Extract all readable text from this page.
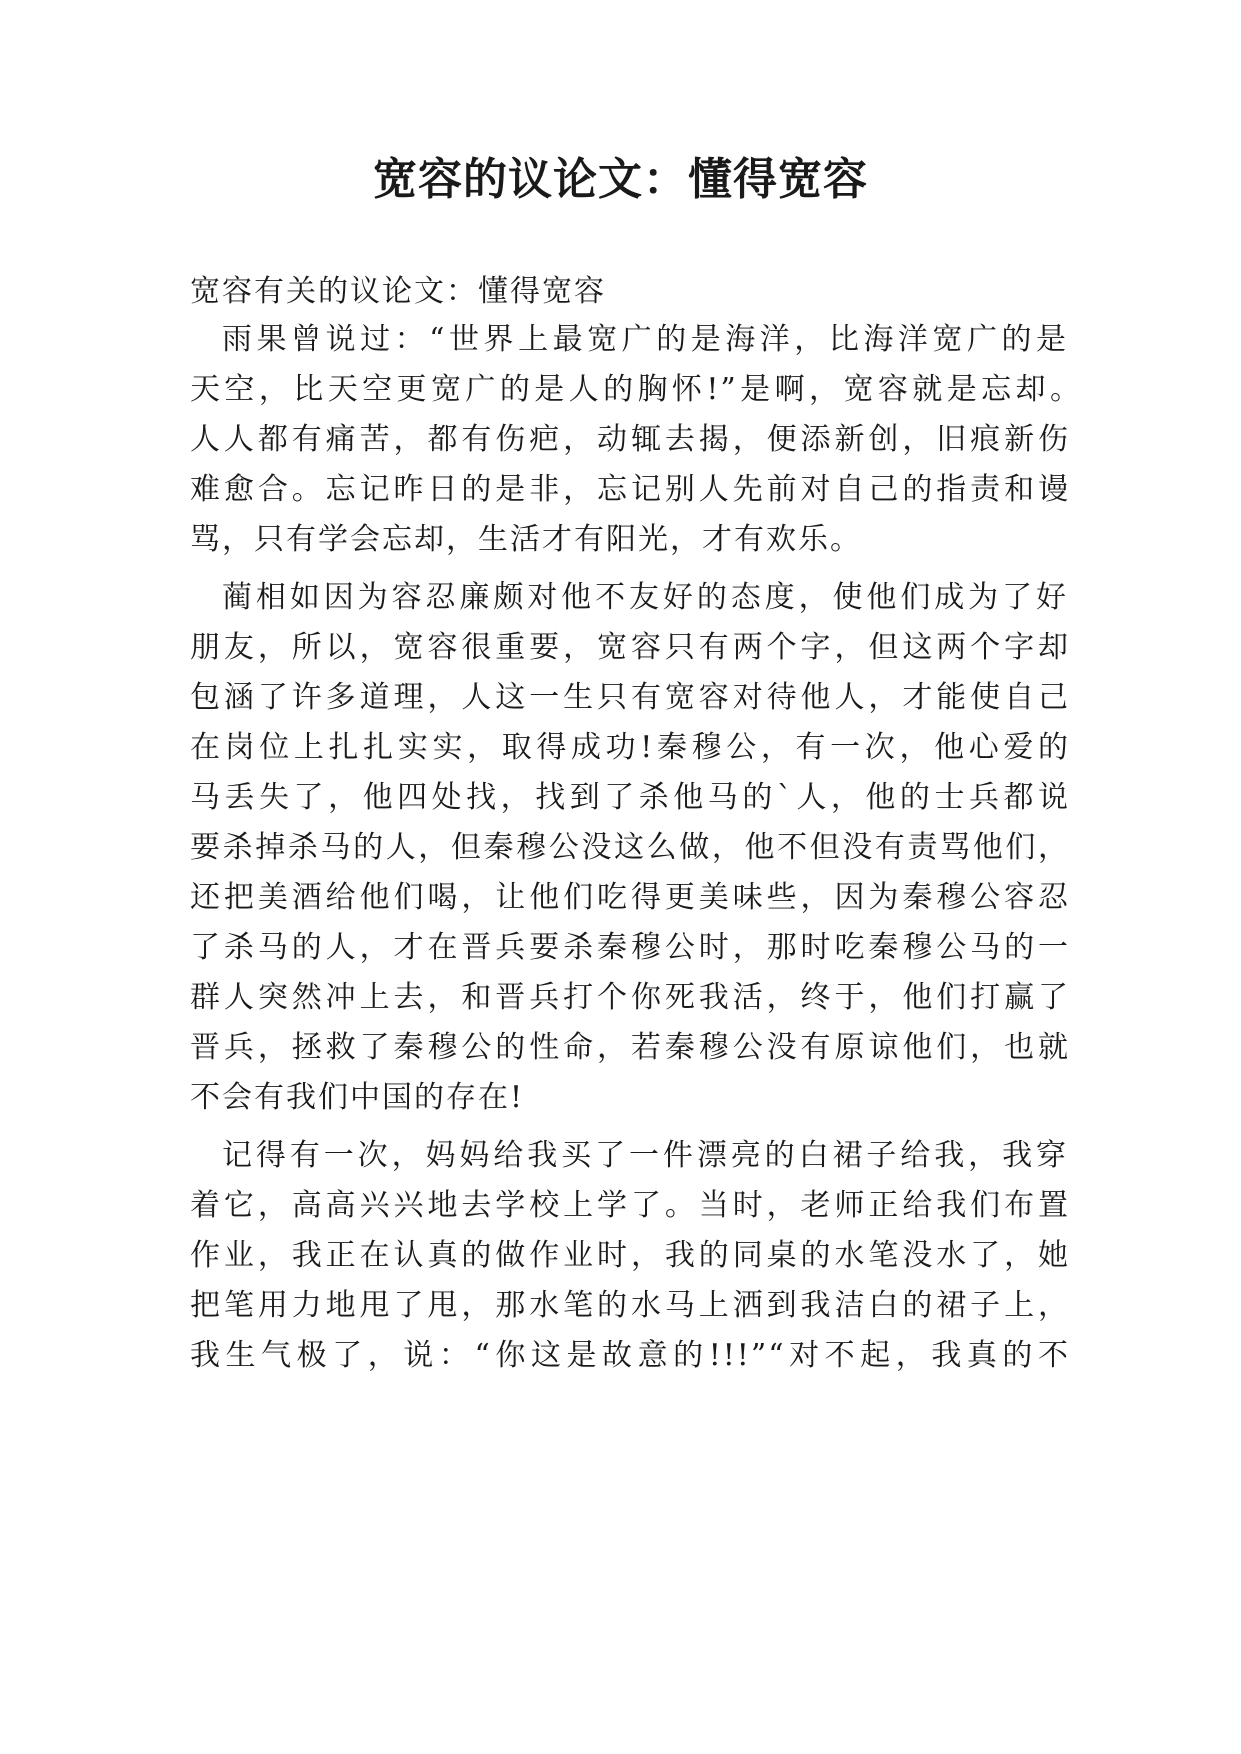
宽容的议论文：懂得宽容

宽容有关的议论文：懂得宽容

雨果曾说过：“世界上最宽广的是海洋，比海洋宽广的是

天空，比天空更宽广的是人的胸怀!”是啊，宽容就是忘却。

人人都有痛苦，都有伤疤，动辄去揭，便添新创，旧痕新伤

难愈合。忘记昨日的是非，忘记别人先前对自己的指责和谩

骂，只有学会忘却，生活才有阳光，才有欢乐。

蔺相如因为容忍廉颇对他不友好的态度，使他们成为了好

朋友，所以，宽容很重要，宽容只有两个字，但这两个字却

包涵了许多道理，人这一生只有宽容对待他人，才能使自己

在岗位上扎扎实实，取得成功!秦穆公，有一次，他心爱的

马丢失了，他四处找，找到了杀他马的`人，他的士兵都说

要杀掉杀马的人，但秦穆公没这么做，他不但没有责骂他们，

还把美酒给他们喝，让他们吃得更美味些，因为秦穆公容忍

了杀马的人，才在晋兵要杀秦穆公时，那时吃秦穆公马的一

群人突然冲上去，和晋兵打个你死我活，终于，他们打赢了

晋兵，拯救了秦穆公的性命，若秦穆公没有原谅他们，也就

不会有我们中国的存在!

记得有一次，妈妈给我买了一件漂亮的白裙子给我，我穿

着它，高高兴兴地去学校上学了。当时，老师正给我们布置

作业，我正在认真的做作业时，我的同桌的水笔没水了，她

把笔用力地甩了甩，那水笔的水马上洒到我洁白的裙子上，

我生气极了，说：“你这是故意的!!!”“对不起，我真的不
